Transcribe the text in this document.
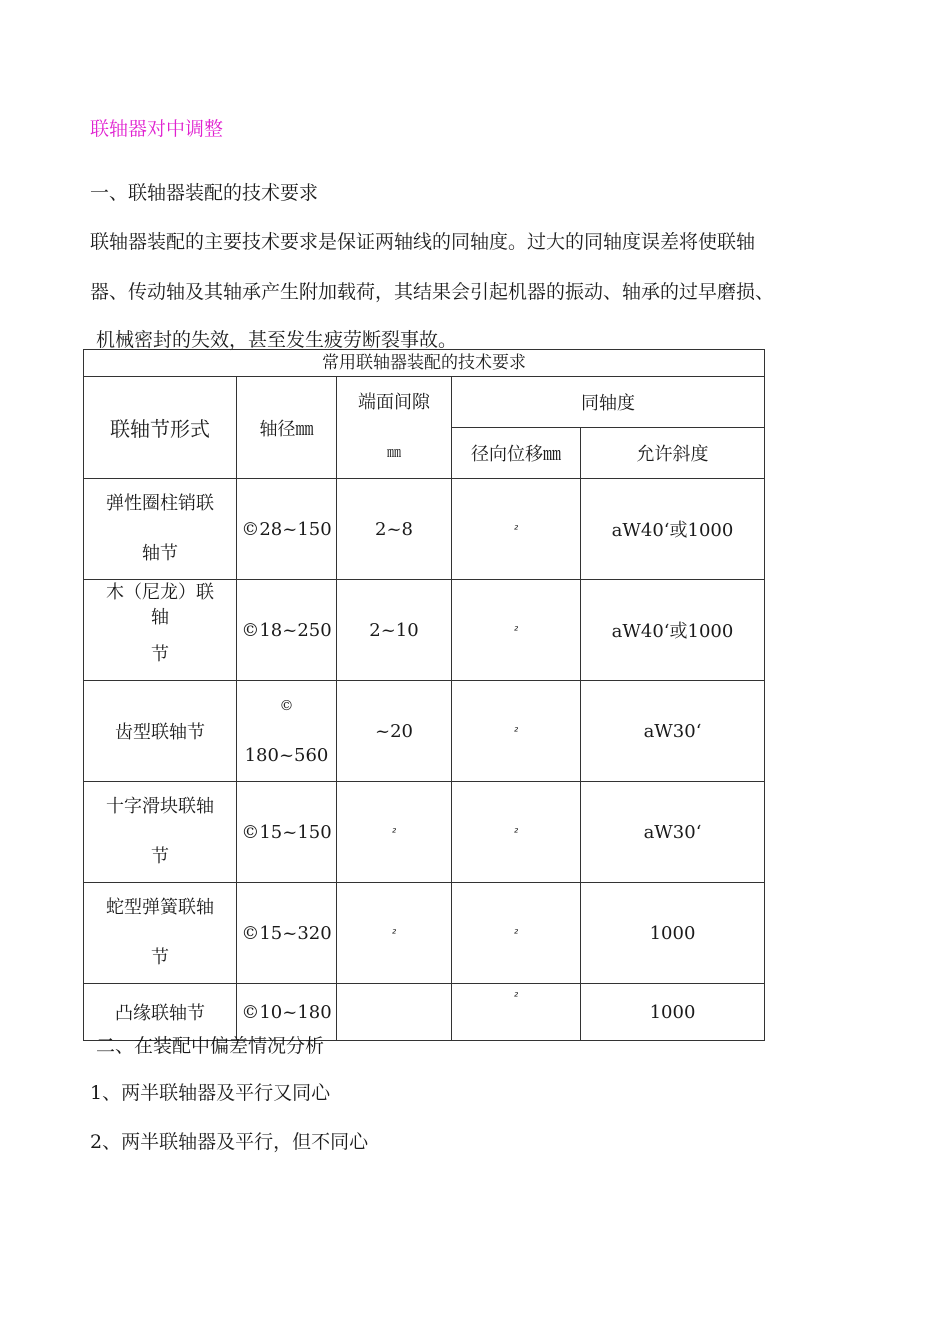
联轴器对中调整
一、联轴器装配的技术要求
联轴器装配的主要技术要求是保证两轴线的同轴度。过大的同轴度误差将使联轴
器、传动轴及其轴承产生附加载荷，其结果会引起机器的振动、轴承的过早磨损、
机械密封的失效，甚至发生疲劳断裂事故。
常用联轴器装配的技术要求				
联轴节形式	轴径㎜	端面间隙
㎜	同轴度	
			径向位移㎜	允许斜度

弹性圈柱销联
轴节	©28~150	2~8	²	aW40‘或1000

木（尼龙）联
轴
节	©18~250	2~10	²	aW40‘或1000
齿型联轴节	©
180~560	~20	²	aW30‘

十字滑块联轴
节	©15~150	²	²	aW30‘

蛇型弹簧联轴
节	©15~320	²	²	1000
凸缘联轴节	©10~180		²	1000
二、在装配中偏差情况分析
1、两半联轴器及平行又同心
2、两半联轴器及平行，但不同心
